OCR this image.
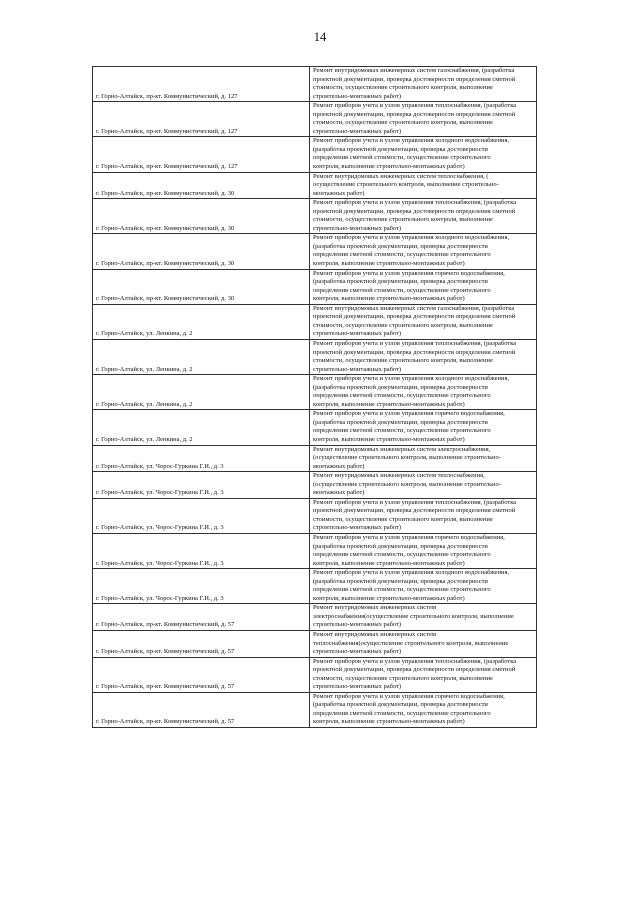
14
г. Горно-Алтайск, пр-кт. Коммунистический, д. 127	Ремонт внутридомовых инженерных систем газоснабжения, (разработка
проектной документации, проверка достоверности определения сметной
стоимости, осуществление строительного контроля, выполнение
строительно-монтажных работ)
г. Горно-Алтайск, пр-кт. Коммунистический, д. 127	Ремонт приборов учета и узлов управления теплоснабжения, (разработка
проектной документации, проверка достоверности определения сметной
стоимости, осуществление строительного контроля, выполнение
строительно-монтажных работ)
г. Горно-Алтайск, пр-кт. Коммунистический, д. 127	Ремонт приборов учета и узлов управления холодного водоснабжения,
(разработка проектной документации, проверка достоверности
определения сметной стоимости, осуществление строительного
контроля, выполнение строительно-монтажных работ)
г. Горно-Алтайск, пр-кт. Коммунистический, д. 30	Ремонт внутридомовых инженерных систем теплоснабжения, (
осуществление строительного контроля, выполнение строительно-
монтажных работ)
г. Горно-Алтайск, пр-кт. Коммунистический, д. 30	Ремонт приборов учета и узлов управления теплоснабжения, (разработка
проектной документации, проверка достоверности определения сметной
стоимости, осуществление строительного контроля, выполнение
строительно-монтажных работ)
г. Горно-Алтайск, пр-кт. Коммунистический, д. 30	Ремонт приборов учета и узлов управления холодного водоснабжения,
(разработка проектной документации, проверка достоверности
определения сметной стоимости, осуществление строительного
контроля, выполнение строительно-монтажных работ)
г. Горно-Алтайск, пр-кт. Коммунистический, д. 30	Ремонт приборов учета и узлов управления горячего водоснабжения,
(разработка проектной документации, проверка достоверности
определения сметной стоимости, осуществление строительного
контроля, выполнение строительно-монтажных работ)
г. Горно-Алтайск, ул. Ленкина, д. 2	Ремонт внутридомовых инженерных систем газоснабжения, (разработка
проектной документации, проверка достоверности определения сметной
стоимости, осуществление строительного контроля, выполнение
строительно-монтажных работ)
г. Горно-Алтайск, ул. Ленкина, д. 2	Ремонт приборов учета и узлов управления теплоснабжения, (разработка
проектной документации, проверка достоверности определения сметной
стоимости, осуществление строительного контроля, выполнение
строительно-монтажных работ)
г. Горно-Алтайск, ул. Ленкина, д. 2	Ремонт приборов учета и узлов управления холодного водоснабжения,
(разработка проектной документации, проверка достоверности
определения сметной стоимости, осуществление строительного
контроля, выполнение строительно-монтажных работ)
г. Горно-Алтайск, ул. Ленкина, д. 2	Ремонт приборов учета и узлов управления горячего водоснабжения,
(разработка проектной документации, проверка достоверности
определения сметной стоимости, осуществление строительного
контроля, выполнение строительно-монтажных работ)
г. Горно-Алтайск, ул. Чорос-Гуркина Г.И., д. 3	Ремонт внутридомовых инженерных систем электроснабжения,
(осуществление строительного контроля, выполнение строительно-
монтажных работ)
г. Горно-Алтайск, ул. Чорос-Гуркина Г.И., д. 3	Ремонт внутридомовых инженерных систем теплоснабжения,
(осуществление строительного контроля, выполнение строительно-
монтажных работ)
г. Горно-Алтайск, ул. Чорос-Гуркина Г.И., д. 3	Ремонт приборов учета и узлов управления теплоснабжения, (разработка
проектной документации, проверка достоверности определения сметной
стоимости, осуществление строительного контроля, выполнение
строительно-монтажных работ)
г. Горно-Алтайск, ул. Чорос-Гуркина Г.И., д. 3	Ремонт приборов учета и узлов управления горячего водоснабжения,
(разработка проектной документации, проверка достоверности
определения сметной стоимости, осуществление строительного
контроля, выполнение строительно-монтажных работ)
г. Горно-Алтайск, ул. Чорос-Гуркина Г.И., д. 3	Ремонт приборов учета и узлов управления холодного водоснабжения,
(разработка проектной документации, проверка достоверности
определения сметной стоимости, осуществление строительного
контроля, выполнение строительно-монтажных работ)
г. Горно-Алтайск, пр-кт. Коммунистический, д. 57	Ремонт внутридомовых инженерных систем
электроснабжения(осуществление строительного контроля, выполнение
строительно-монтажных работ)
г. Горно-Алтайск, пр-кт. Коммунистический, д. 57	Ремонт внутридомовых инженерных систем
теплоснабжения(осуществление строительного контроля, выполнение
строительно-монтажных работ)
г. Горно-Алтайск, пр-кт. Коммунистический, д. 57	Ремонт приборов учета и узлов управления теплоснабжения, (разработка
проектной документации, проверка достоверности определения сметной
стоимости, осуществление строительного контроля, выполнение
строительно-монтажных работ)
г. Горно-Алтайск, пр-кт. Коммунистический, д. 57	Ремонт приборов учета и узлов управления горячего водоснабжения,
(разработка проектной документации, проверка достоверности
определения сметной стоимости, осуществление строительного
контроля, выполнение строительно-монтажных работ)
